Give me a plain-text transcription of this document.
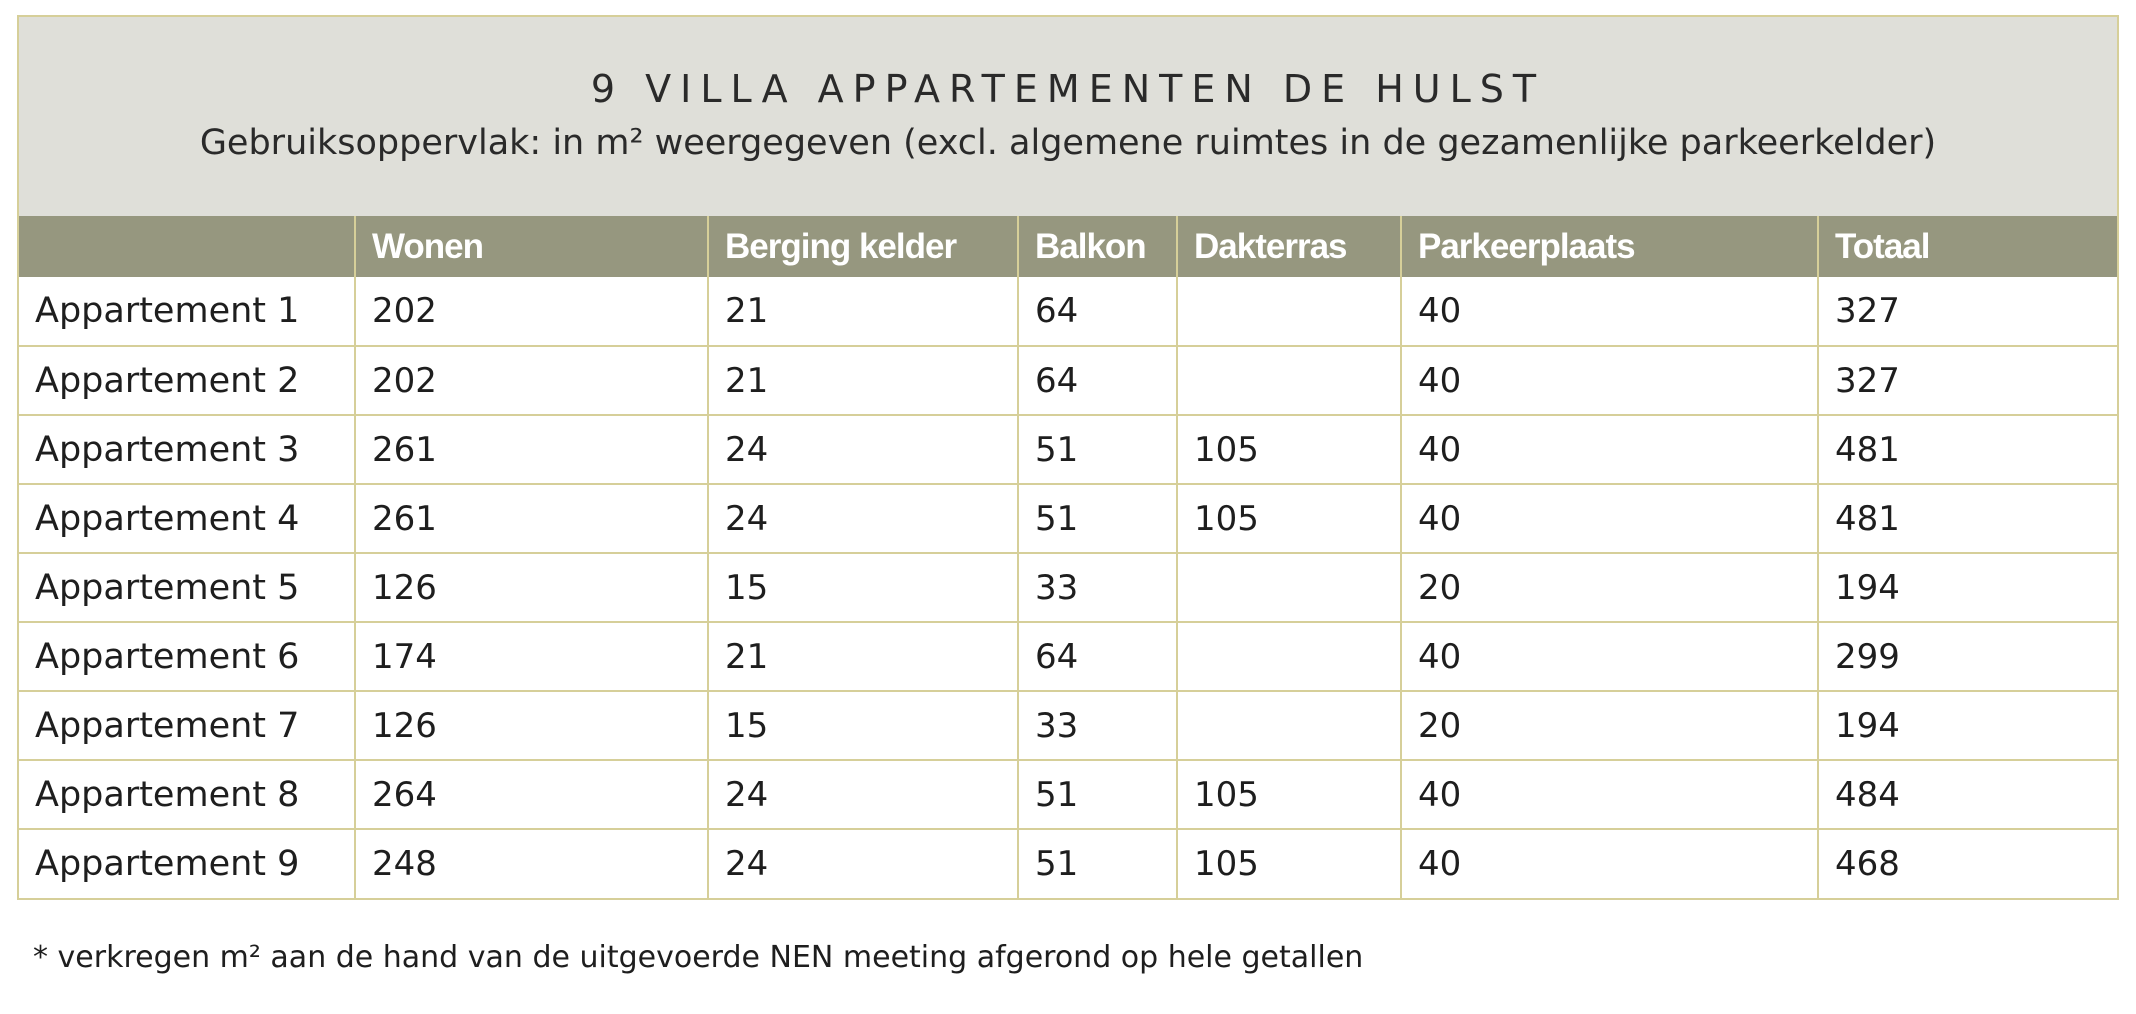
9 VILLA APPARTEMENTEN DE HULST
Gebruiksoppervlak: in m² weergegeven (excl. algemene ruimtes in de gezamenlijke parkeerkelder)
	Wonen	Berging kelder	Balkon	Dakterras	Parkeerplaats	Totaal
Appartement 1	202	21	64		40	327
Appartement 2	202	21	64		40	327
Appartement 3	261	24	51	105	40	481
Appartement 4	261	24	51	105	40	481
Appartement 5	126	15	33		20	194
Appartement 6	174	21	64		40	299
Appartement 7	126	15	33		20	194
Appartement 8	264	24	51	105	40	484
Appartement 9	248	24	51	105	40	468
* verkregen m² aan de hand van de uitgevoerde NEN meeting afgerond op hele getallen
